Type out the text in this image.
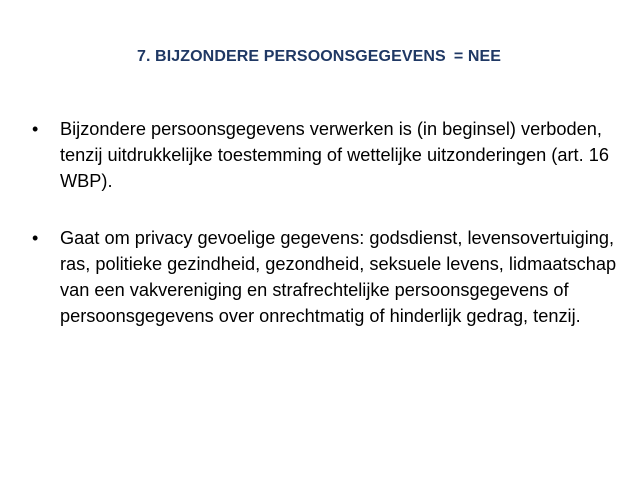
7. BIJZONDERE PERSOONSGEGEVENS = NEE
•	Bijzondere persoonsgegevens verwerken is (in beginsel) verboden, tenzij uitdrukkelijke toestemming of wettelijke uitzonderingen (art. 16 WBP).

•	Gaat om privacy gevoelige gegevens: godsdienst, levensovertuiging, ras, politieke gezindheid, gezondheid, seksuele levens, lidmaatschap van een vakvereniging en strafrechtelijke persoonsgegevens of persoonsgegevens over onrechtmatig of hinderlijk gedrag, tenzij.
